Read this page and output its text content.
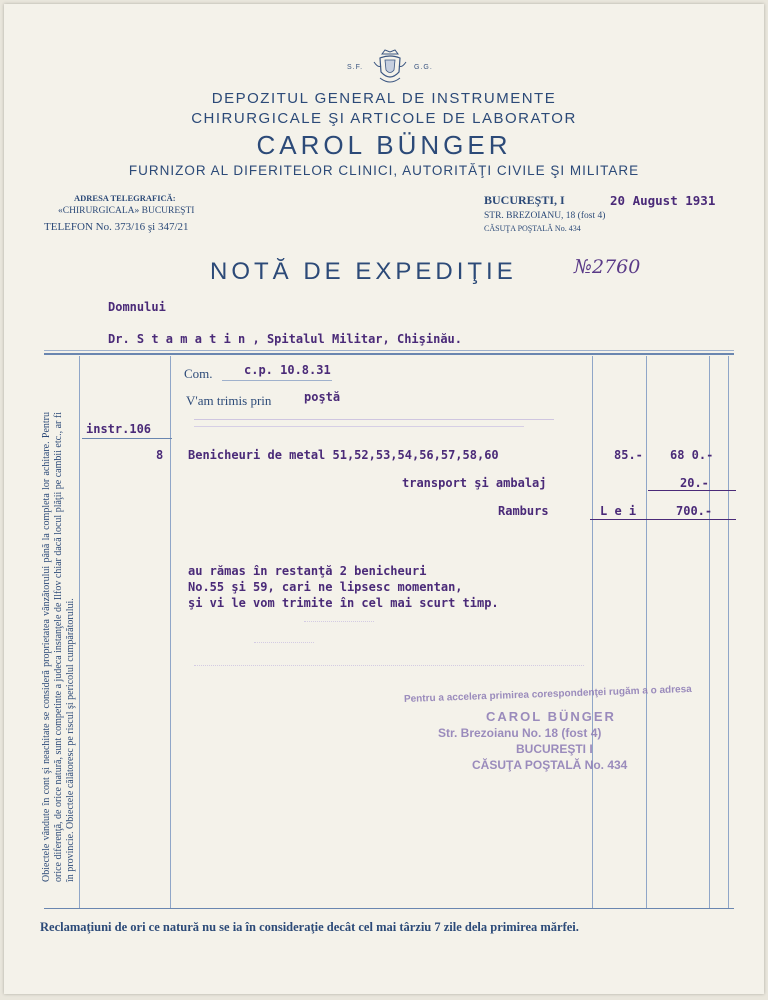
S.F.	G.G.
DEPOZITUL GENERAL DE INSTRUMENTE
CHIRURGICALE ŞI ARTICOLE DE LABORATOR
CAROL BÜNGER
FURNIZOR AL DIFERITELOR CLINICI, AUTORITĂŢI CIVILE ŞI MILITARE
ADRESA TELEGRAFICĂ:
«CHIRURGICALA» BUCUREŞTI
TELEFON No. 373/16 şi 347/21
BUCUREŞTI, I	20 August 1931
STR. BREZOIANU, 18 (fost 4)
CĂSUŢA POŞTALĂ No. 434
NOTĂ DE EXPEDIŢIE	№2760
Domnului
Dr. S t a m a t i n , Spitalul Militar, Chişinău.
Obiectele vândute în cont şi neachitate se consideră proprietatea vânzătorului până la completa lor achitare. Pentru orice diferenţă, de orice natură, sunt competinte a judeca instanţele de Ilfov chiar dacă locul plăţii pe cambii etc., ar fi în provincie. Obiectele călătoresc pe riscul şi pericolul cumpărătorului.
Com.	c.p. 10.8.31
V'am trimis prin	poştă
instr.106
8 Benicheuri de metal 51,52,53,54,56,57,58,60	85.- 68 0.-
transport şi ambalaj	20.-
Ramburs	L e i	700.-
au rămas în restanţă 2 benicheuri
No.55 şi 59, cari ne lipsesc momentan,
şi vi le vom trimite în cel mai scurt timp.
Pentru a accelera primirea corespondenţei rugăm a o adresa
CAROL BÜNGER
Str. Brezoianu No. 18 (fost 4)
BUCUREŞTI I
CĂSUŢA POŞTALĂ No. 434
Reclamaţiuni de ori ce natură nu se ia în consideraţie decât cel mai târziu 7 zile dela primirea mărfei.
